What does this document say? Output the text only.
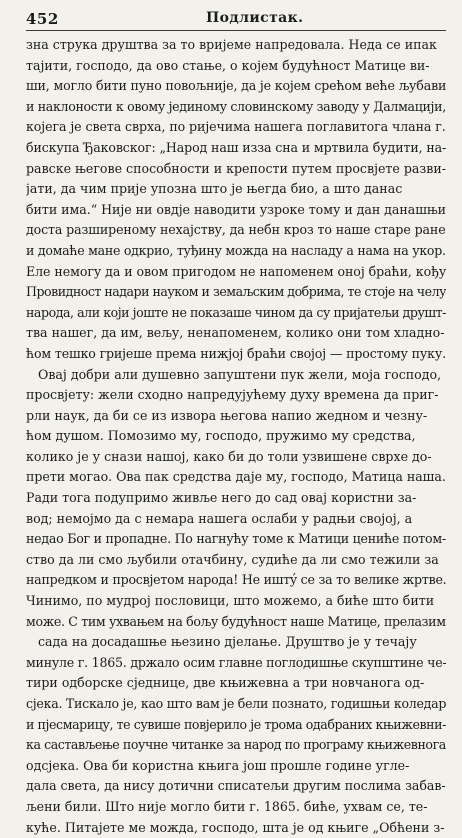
452	Подлистак.
зна струка друштва за то вријеме напредовала. Неда се ипак
тајити, господо, да ово стање, о којем будућност Матице ви-
ши, могло бити пуно повољније, да је којем срећом веће љубави
и наклоности к овому јединому словинскому заводу у Далмацији,
којега је света сврха, по ријечима нашега поглавитога члана г.
бискупа Ђаковског: „Народ наш изза сна и мртвила будити, на-
равске његове способности и крепости путем просвјете разви-
јати, да чим прије упозна што је његда био, а што данас
бити има.“ Није ни овдје наводити узроке тому и дан данашњи
доста разширеному нехајству, да небн кроз то наше старе ране
и домаће мане одкрио, туђину можда на насладу а нама на укор.
Еле немогу да и овом пригодом не напоменем оној браћи, кођу
Провидност надари науком и земаљским добрима, те стоје на челу
народа, али који јоште не показаше чином да су пријатељи друшт-
тва нашег, да им, вељу, ненапоменем, колико они том хладно-
ћом тешко гријеше према нижјој браћи својој — простому пуку.
Овај добри али душевно запуштени пук жели, моја господо,
просвјету: жели сходно напредујућему духу времена да приг-
рли наук, да би се из извора његова напио жедном и чезну-
ћом душом. Помозимо му, господо, пружимо му средства,
колико је у снази нашој, како би до толи узвишене сврхе до-
прети могао. Ова пак средства даје му, господо, Матица наша.
Ради тога подупримо живље него до сад овај користни за-
вод; немојмо да с немара нашега ослаби у радњи својој, а
недао Бог и пропадне. По нагнућу томе к Матици цениће потом-
ство да ли смо љубили отачбину, судиће да ли смо тежили за
напредком и просвјетом народа! Не иштý се за то велике жртве.
Чинимо, по мудрој пословици, што можемо, а биће што бити
може. С тим ухвaњем на бољу будућност наше Матице, прелазим
сада на досадашње њезино дјелање. Друштво је у течају
минуле г. 1865. држало осим главне поглодишње скупштине че-
тири одборске сједнице, две књижевна а три новчанога од-
сјека. Тискало је, као што вам је бeли познато, годишњи коледар
и пјесмарицу, те сувише повјерило је трома одабраних књижевни-
ка састављење поучне читанке за народ по програму књижевнога
одсјека. Ова би користна књига још прошле године угле-
дала света, да нису дотични списатељи другим послима забав-
љени били. Што није могло бити г. 1865. биће, ухвам се, те-
куће. Питајете ме можда, господо, шта је од књиге „Обћени з-
